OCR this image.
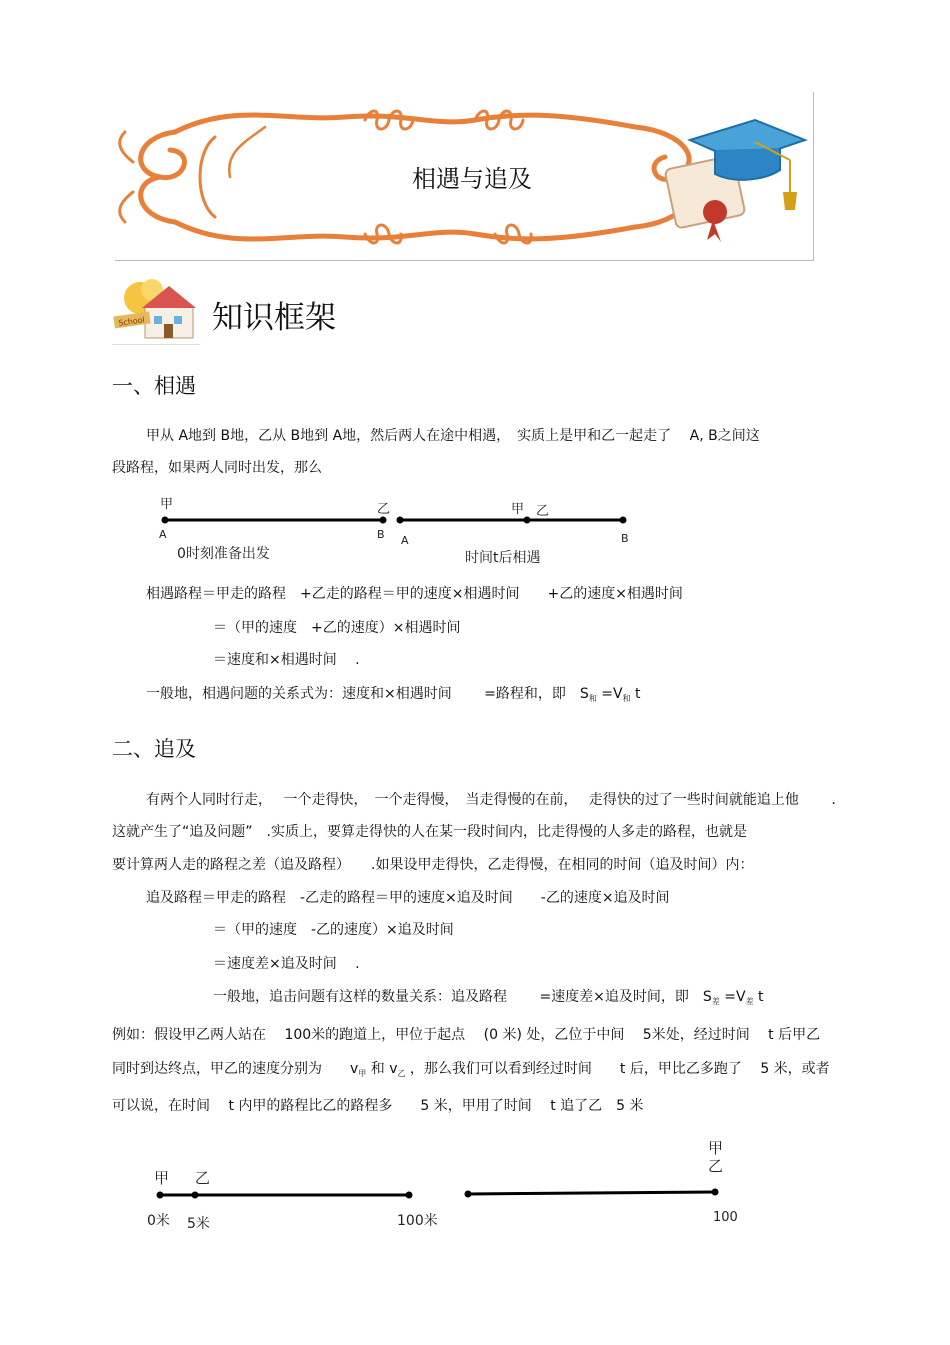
相遇与追及
School 知识框架
一、相遇
甲从 A地到 B地，乙从 B地到 A地，然后两人在途中相遇，　实质上是甲和乙一起走了　 A, B之间这
段路程，如果两人同时出发，那么
甲	乙
A	B
0时刻准备出发
A
甲 乙
B
时间t后相遇
相遇路程＝甲走的路程　+乙走的路程＝甲的速度×相遇时间　　+乙的速度×相遇时间
＝（甲的速度　+乙的速度）×相遇时间
＝速度和×相遇时间　 .
一般地，相遇问题的关系式为：速度和×相遇时间　　 =路程和，即　 $S_和 =V_和$ t
二、追及
有两个人同时行走，　 一个走得快，　一个走得慢，　当走得慢的在前，　 走得快的过了一些时间就能追上他　　 .
这就产生了“追及问题”　.实质上，要算走得快的人在某一段时间内，比走得慢的人多走的路程，也就是
要计算两人走的路程之差（追及路程）　　.如果设甲走得快，乙走得慢，在相同的时间（追及时间）内：
追及路程＝甲走的路程　-乙走的路程＝甲的速度×追及时间　　-乙的速度×追及时间
＝（甲的速度　-乙的速度）×追及时间
＝速度差×追及时间　 .
一般地，追击问题有这样的数量关系：追及路程　　 =速度差×追及时间，即　 $S_差 =V_差$ t
例如：假设甲乙两人站在　 100米的跑道上，甲位于起点　 (0 米) 处，乙位于中间　 5米处，经过时间　 t 后甲乙
同时到达终点，甲乙的速度分别为　　$v_甲$ 和 $v_乙$ ，那么我们可以看到经过时间　　t 后，甲比乙多跑了　 5 米，或者
可以说，在时间　 t 内甲的路程比乙的路程多　　5 米，甲用了时间　 t 追了乙　5 米
甲 乙
0米 5米	100米
甲
乙
100
